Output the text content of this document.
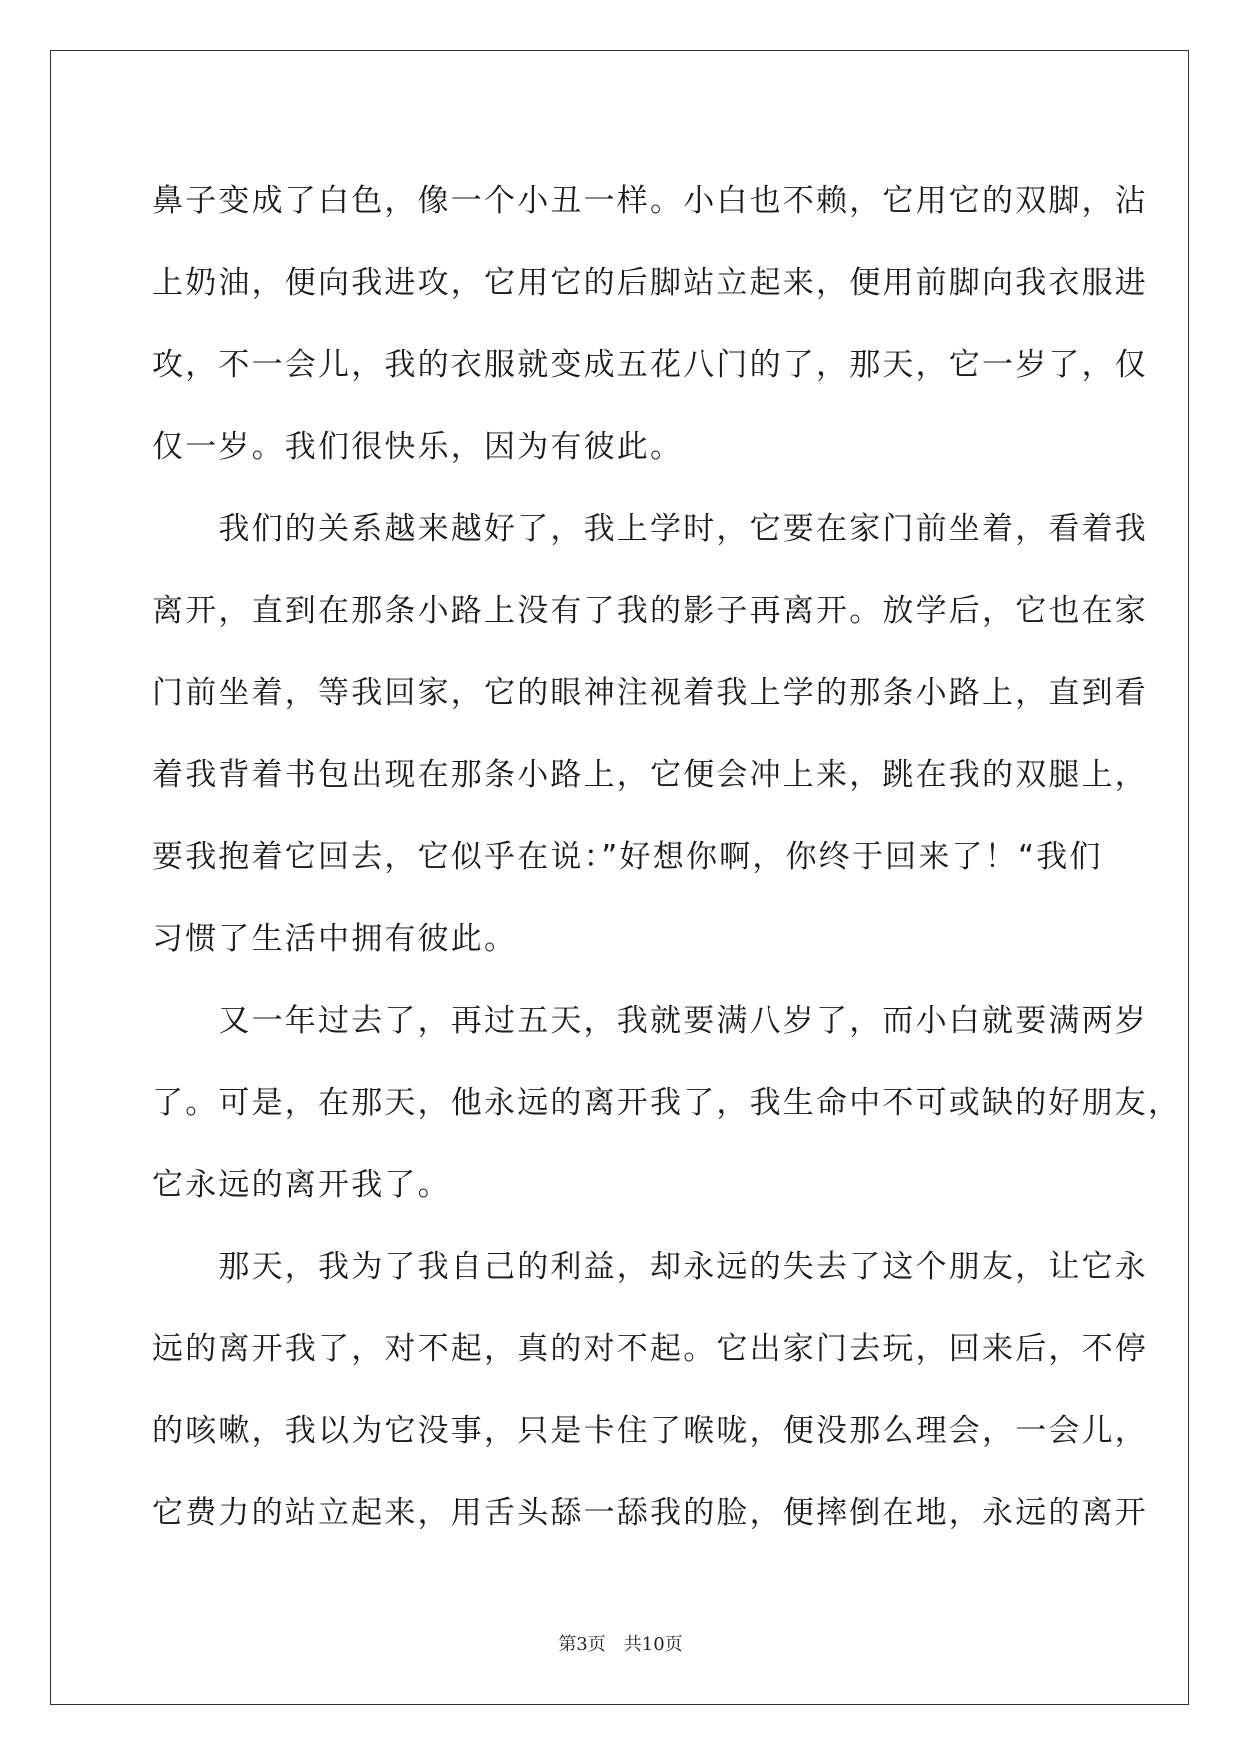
鼻子变成了白色，像一个小丑一样。小白也不赖，它用它的双脚，沾
上奶油，便向我进攻，它用它的后脚站立起来，便用前脚向我衣服进
攻，不一会儿，我的衣服就变成五花八门的了，那天，它一岁了，仅
仅一岁。我们很快乐，因为有彼此。
　　我们的关系越来越好了，我上学时，它要在家门前坐着，看着我
离开，直到在那条小路上没有了我的影子再离开。放学后，它也在家
门前坐着，等我回家，它的眼神注视着我上学的那条小路上，直到看
着我背着书包出现在那条小路上，它便会冲上来，跳在我的双腿上，
要我抱着它回去，它似乎在说：”好想你啊，你终于回来了！“我们
习惯了生活中拥有彼此。
　　又一年过去了，再过五天，我就要满八岁了，而小白就要满两岁
了。可是，在那天，他永远的离开我了，我生命中不可或缺的好朋友，
它永远的离开我了。
　　那天，我为了我自己的利益，却永远的失去了这个朋友，让它永
远的离开我了，对不起，真的对不起。它出家门去玩，回来后，不停
的咳嗽，我以为它没事，只是卡住了喉咙，便没那么理会，一会儿，
它费力的站立起来，用舌头舔一舔我的脸，便摔倒在地，永远的离开
第3页　共10页
